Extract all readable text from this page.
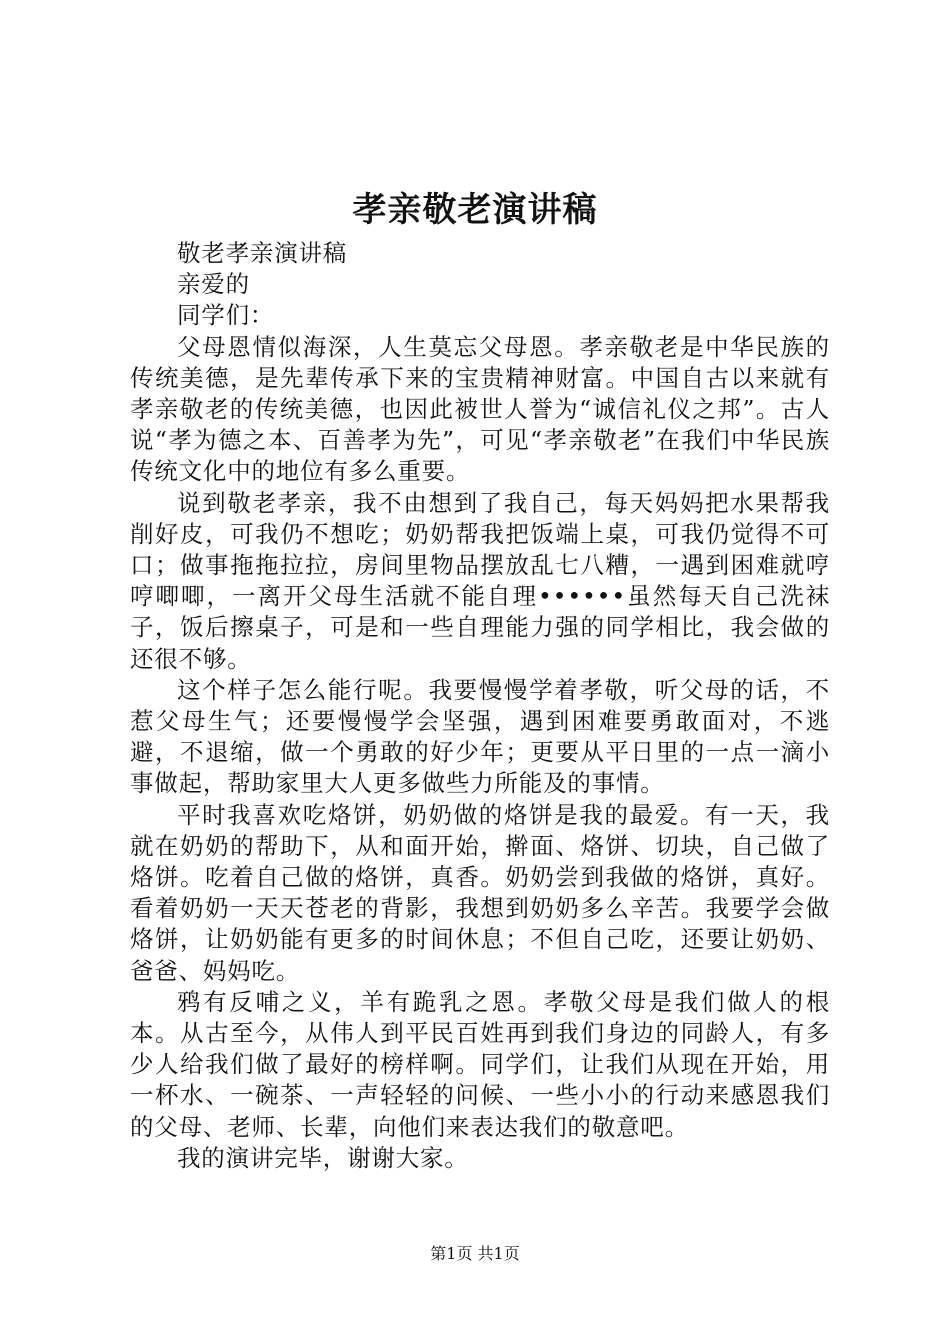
孝亲敬老演讲稿

敬老孝亲演讲稿

亲爱的

同学们：

父母恩情似海深，人生莫忘父母恩。孝亲敬老是中华民族的传统美德，是先辈传承下来的宝贵精神财富。中国自古以来就有孝亲敬老的传统美德，也因此被世人誉为“诚信礼仪之邦”。古人说“孝为德之本、百善孝为先”，可见“孝亲敬老”在我们中华民族传统文化中的地位有多么重要。

说到敬老孝亲，我不由想到了我自己，每天妈妈把水果帮我削好皮，可我仍不想吃；奶奶帮我把饭端上桌，可我仍觉得不可口；做事拖拖拉拉，房间里物品摆放乱七八糟，一遇到困难就哼哼唧唧，一离开父母生活就不能自理••••••虽然每天自己洗袜子，饭后擦桌子，可是和一些自理能力强的同学相比，我会做的还很不够。

这个样子怎么能行呢。我要慢慢学着孝敬，听父母的话，不惹父母生气；还要慢慢学会坚强，遇到困难要勇敢面对，不逃避，不退缩，做一个勇敢的好少年；更要从平日里的一点一滴小事做起，帮助家里大人更多做些力所能及的事情。

平时我喜欢吃烙饼，奶奶做的烙饼是我的最爱。有一天，我就在奶奶的帮助下，从和面开始，擀面、烙饼、切块，自己做了烙饼。吃着自己做的烙饼，真香。奶奶尝到我做的烙饼，真好。看着奶奶一天天苍老的背影，我想到奶奶多么辛苦。我要学会做烙饼，让奶奶能有更多的时间休息；不但自己吃，还要让奶奶、爸爸、妈妈吃。

鸦有反哺之义，羊有跪乳之恩。孝敬父母是我们做人的根本。从古至今，从伟人到平民百姓再到我们身边的同龄人，有多少人给我们做了最好的榜样啊。同学们，让我们从现在开始，用一杯水、一碗茶、一声轻轻的问候、一些小小的行动来感恩我们的父母、老师、长辈，向他们来表达我们的敬意吧。

我的演讲完毕，谢谢大家。

第1页 共1页
